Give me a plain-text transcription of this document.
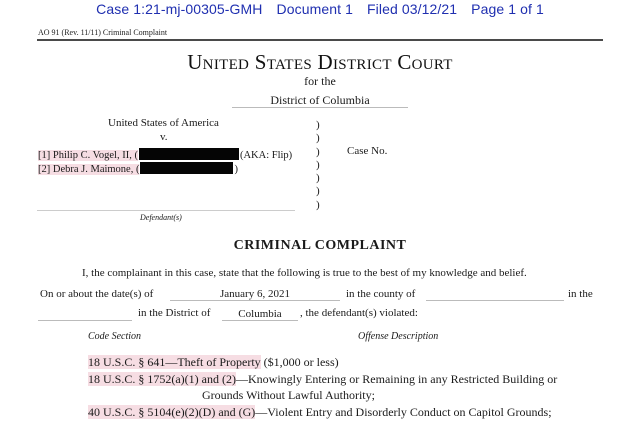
Case 1:21-mj-00305-GMH Document 1 Filed 03/12/21 Page 1 of 1
AO 91 (Rev. 11/11) Criminal Complaint
United States District Court
for the
District of Columbia
United States of America
v.
[1] Philip C. Vogel, II, (	(AKA: Flip)
[2] Debra J. Maimone, (	)
)
)
)
)
)
)
)
Case No.
Defendant(s)
CRIMINAL COMPLAINT
I, the complainant in this case, state that the following is true to the best of my knowledge and belief.
On or about the date(s) of	January 6, 2021	in the county of	in the
in the District of	Columbia	, the defendant(s) violated:
Code Section	Offense Description
18 U.S.C. § 641—Theft of Property ($1,000 or less)
18 U.S.C. § 1752(a)(1) and (2)—Knowingly Entering or Remaining in any Restricted Building or
Grounds Without Lawful Authority;
40 U.S.C. § 5104(e)(2)(D) and (G)—Violent Entry and Disorderly Conduct on Capitol Grounds;
